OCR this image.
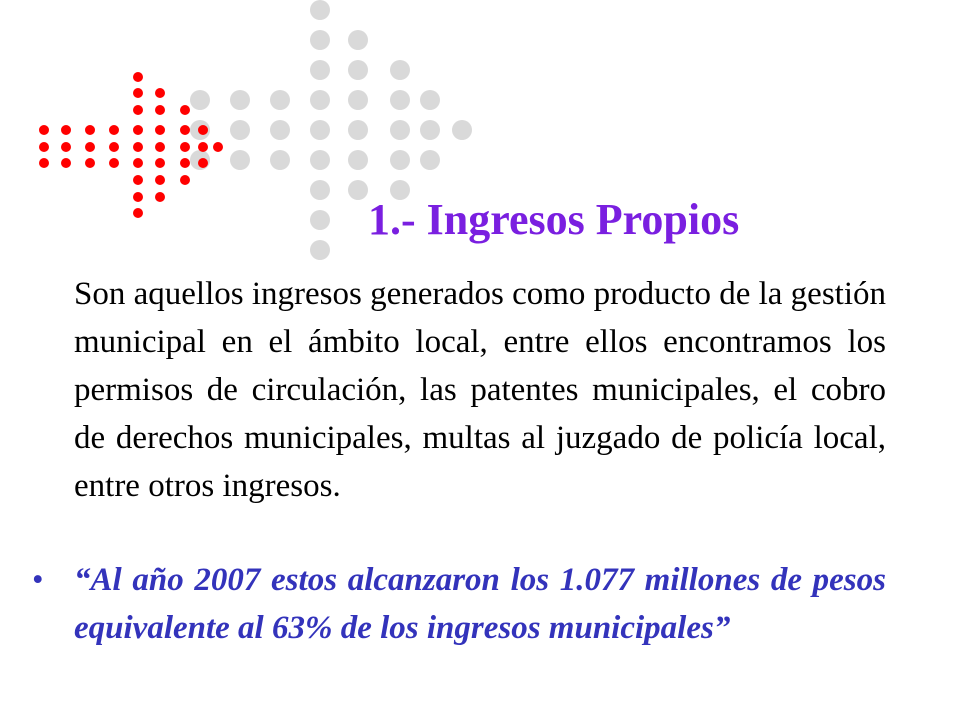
1.- Ingresos Propios

Son aquellos ingresos generados como producto de la gestión municipal en el ámbito local, entre ellos encontramos los permisos de circulación, las patentes municipales, el cobro de derechos municipales, multas al juzgado de policía local, entre otros ingresos.

• “Al año 2007 estos alcanzaron los 1.077 millones de pesos equivalente al 63% de los ingresos municipales”
